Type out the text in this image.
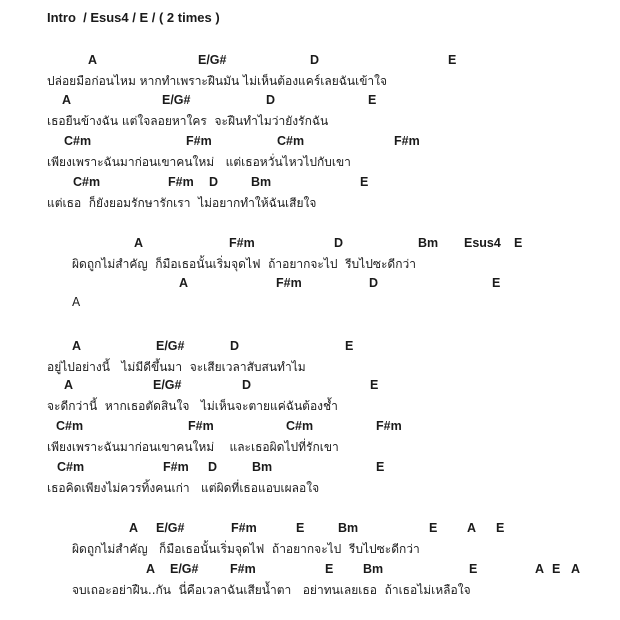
Intro  / Esus4 / E / ( 2 times )
A	E/G#	D	E
ปล่อยมือก่อนไหม หากทำเพราะฝืนมัน ไม่เห็นต้องแคร์เลยฉันเข้าใจ
A	E/G#	D	E
เธอยืนข้างฉัน แต่ใจลอยหาใคร  จะฝืนทำไมว่ายังรักฉัน
C#m	F#m	C#m	F#m
เพียงเพราะฉันมาก่อนเขาคนใหม่   แต่เธอหวั่นไหวไปกับเขา
C#m	F#m D	Bm	E
แต่เธอ  ก็ยังยอมรักษารักเรา  ไม่อยากทำให้ฉันเสียใจ
A	F#m	D	Bm Esus4 E
ผิดถูกไม่สำคัญ  ก็มือเธอนั้นเริ่มจุดไฟ  ถ้าอยากจะไป  รีบไปซะดีกว่า
A	F#m	D	E
A
A	E/G#	D	E
อยู่ไปอย่างนี้   ไม่มีดีขึ้นมา  จะเสียเวลาสับสนทำไม
A	E/G#	D	E
จะดีกว่านี้  หากเธอตัดสินใจ   ไม่เห็นจะตายแค่ฉันต้องช้ำ
C#m	F#m	C#m	F#m
เพียงเพราะฉันมาก่อนเขาคนใหม่    และเธอผิดไปที่รักเขา
C#m	F#m D	Bm	E
เธอคิดเพียงไม่ควรทิ้งคนเก่า   แต่ผิดที่เธอแอบเผลอใจ
A E/G#	F#m	E	Bm	E A E
ผิดถูกไม่สำคัญ   ก็มือเธอนั้นเริ่มจุดไฟ  ถ้าอยากจะไป  รีบไปซะดีกว่า
A E/G#	F#m	E Bm	E	A E A
จบเถอะอย่าฝืน..กัน  นี่คือเวลาฉันเสียน้ำตา   อย่าทนเลยเธอ  ถ้าเธอไม่เหลือใจ
